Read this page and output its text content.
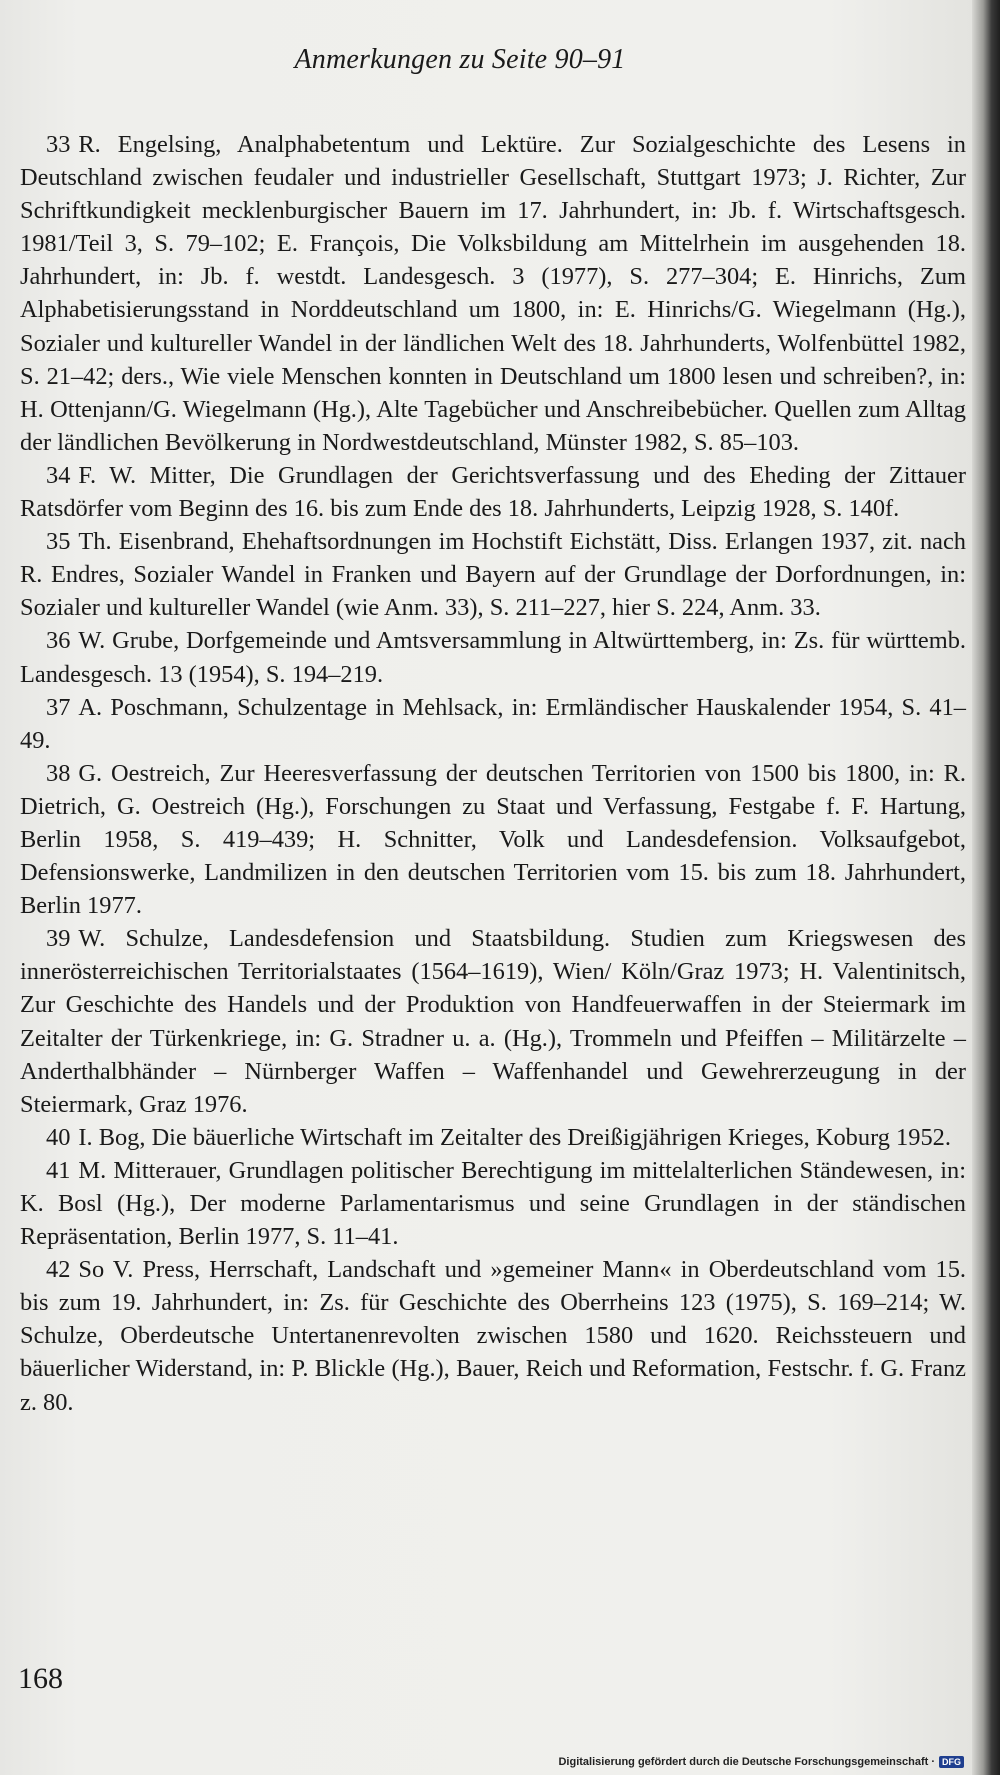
Anmerkungen zu Seite 90–91

33 R. Engelsing, Analphabetentum und Lektüre. Zur Sozialgeschichte des Lesens in Deutschland zwischen feudaler und industrieller Gesellschaft, Stuttgart 1973; J. Richter, Zur Schriftkundigkeit mecklenburgischer Bauern im 17. Jahrhundert, in: Jb. f. Wirtschaftsgesch. 1981/Teil 3, S. 79–102; E. François, Die Volksbildung am Mittelrhein im ausgehenden 18. Jahrhundert, in: Jb. f. westdt. Landesgesch. 3 (1977), S. 277–304; E. Hinrichs, Zum Alphabetisierungsstand in Norddeutschland um 1800, in: E. Hinrichs/G. Wiegelmann (Hg.), Sozialer und kultureller Wandel in der ländlichen Welt des 18. Jahrhunderts, Wolfenbüttel 1982, S. 21–42; ders., Wie viele Menschen konnten in Deutschland um 1800 lesen und schreiben?, in: H. Ottenjann/G. Wiegelmann (Hg.), Alte Tagebücher und Anschreibebücher. Quellen zum Alltag der ländlichen Bevölkerung in Nordwestdeutschland, Münster 1982, S. 85–103.

34 F. W. Mitter, Die Grundlagen der Gerichtsverfassung und des Eheding der Zittauer Ratsdörfer vom Beginn des 16. bis zum Ende des 18. Jahrhunderts, Leipzig 1928, S. 140f.

35 Th. Eisenbrand, Ehehaftsordnungen im Hochstift Eichstätt, Diss. Erlangen 1937, zit. nach R. Endres, Sozialer Wandel in Franken und Bayern auf der Grundlage der Dorfordnungen, in: Sozialer und kultureller Wandel (wie Anm. 33), S. 211–227, hier S. 224, Anm. 33.

36 W. Grube, Dorfgemeinde und Amtsversammlung in Altwürttemberg, in: Zs. für württemb. Landesgesch. 13 (1954), S. 194–219.

37 A. Poschmann, Schulzentage in Mehlsack, in: Ermländischer Hauskalender 1954, S. 41–49.

38 G. Oestreich, Zur Heeresverfassung der deutschen Territorien von 1500 bis 1800, in: R. Dietrich, G. Oestreich (Hg.), Forschungen zu Staat und Verfassung, Festgabe f. F. Hartung, Berlin 1958, S. 419–439; H. Schnitter, Volk und Landesdefension. Volksaufgebot, Defensionswerke, Landmilizen in den deutschen Territorien vom 15. bis zum 18. Jahrhundert, Berlin 1977.

39 W. Schulze, Landesdefension und Staatsbildung. Studien zum Kriegswesen des innerösterreichischen Territorialstaates (1564–1619), Wien/ Köln/Graz 1973; H. Valentinitsch, Zur Geschichte des Handels und der Produktion von Handfeuerwaffen in der Steiermark im Zeitalter der Türkenkriege, in: G. Stradner u. a. (Hg.), Trommeln und Pfeiffen – Militärzelte – Anderthalbhänder – Nürnberger Waffen – Waffenhandel und Gewehrerzeugung in der Steiermark, Graz 1976.

40 I. Bog, Die bäuerliche Wirtschaft im Zeitalter des Dreißigjährigen Krieges, Koburg 1952.

41 M. Mitterauer, Grundlagen politischer Berechtigung im mittelalterlichen Ständewesen, in: K. Bosl (Hg.), Der moderne Parlamentarismus und seine Grundlagen in der ständischen Repräsentation, Berlin 1977, S. 11–41.

42 So V. Press, Herrschaft, Landschaft und »gemeiner Mann« in Oberdeutschland vom 15. bis zum 19. Jahrhundert, in: Zs. für Geschichte des Oberrheins 123 (1975), S. 169–214; W. Schulze, Oberdeutsche Untertanenrevolten zwischen 1580 und 1620. Reichssteuern und bäuerlicher Widerstand, in: P. Blickle (Hg.), Bauer, Reich und Reformation, Festschr. f. G. Franz z. 80.

168
Digitalisierung gefördert durch die Deutsche Forschungsgemeinschaft · DFG
